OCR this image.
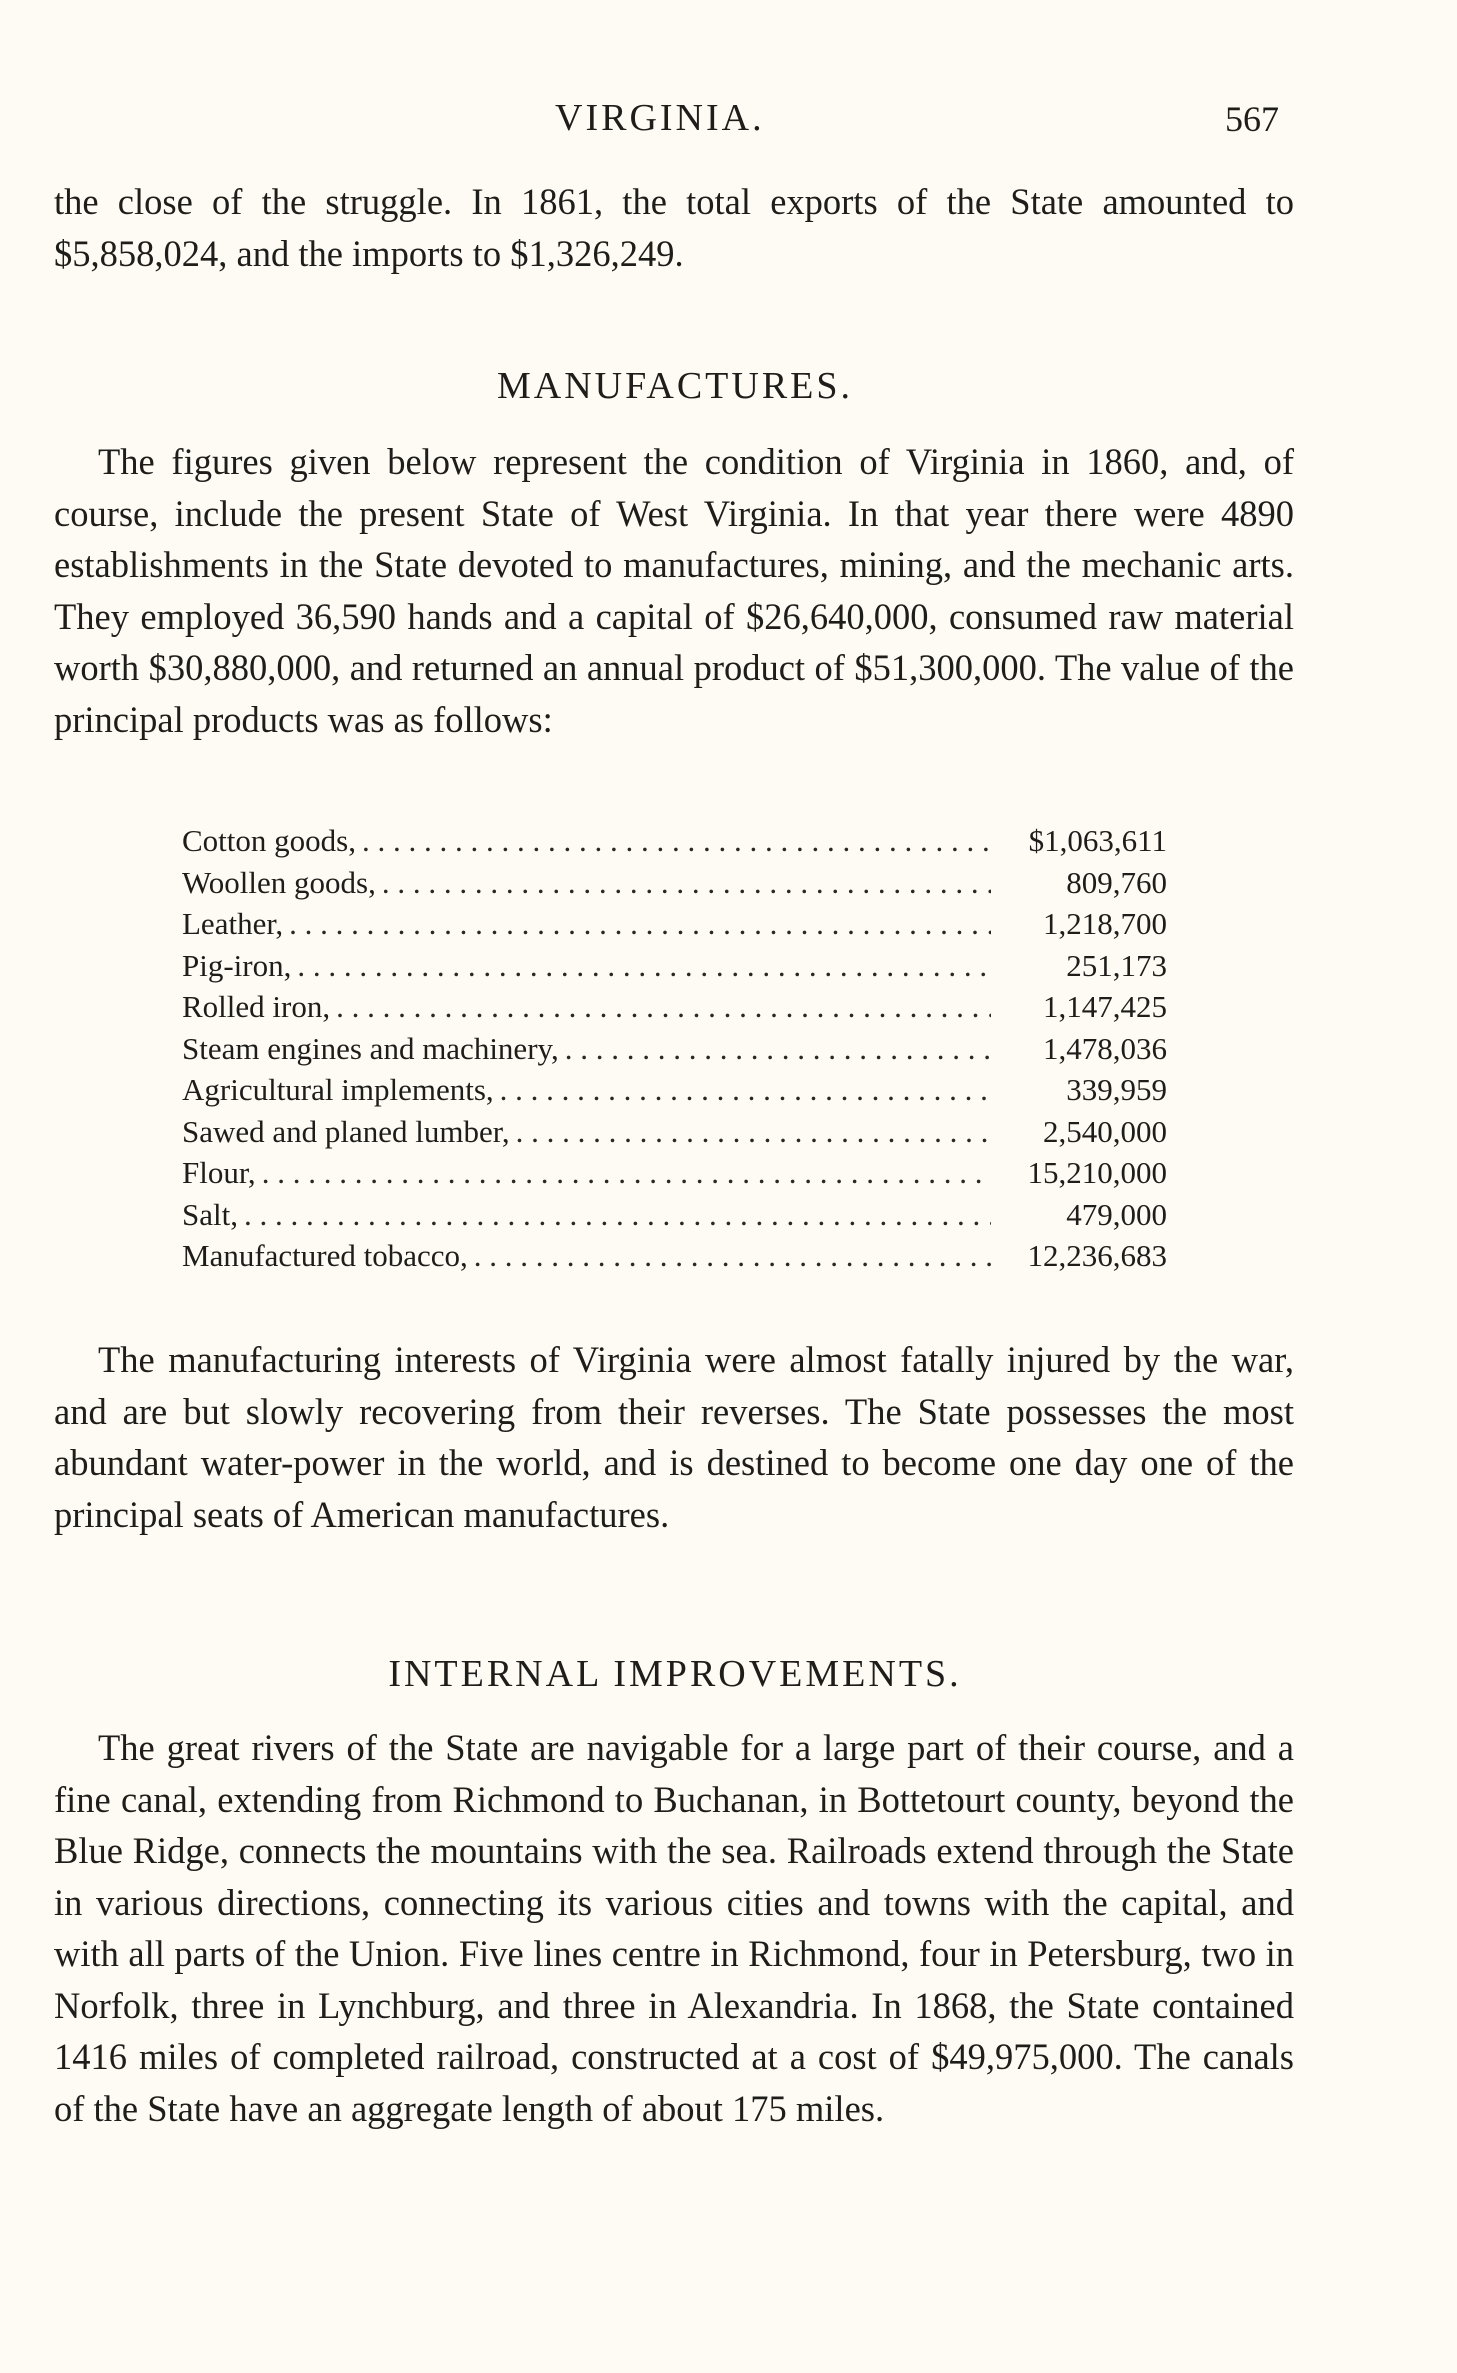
VIRGINIA.	567
the close of the struggle. In 1861, the total exports of the State amounted to $5,858,024, and the imports to $1,326,249.
MANUFACTURES.

The figures given below represent the condition of Virginia in 1860, and, of course, include the present State of West Virginia. In that year there were 4890 establishments in the State devoted to manufactures, mining, and the mechanic arts. They employed 36,590 hands and a capital of $26,640,000, consumed raw material worth $30,880,000, and returned an annual product of $51,300,000. The value of the principal products was as follows:

Cotton goods, . . .	$1,063,611
Woollen goods, . . .	809,760
Leather, . . .	1,218,700
Pig-iron, . . .	251,173
Rolled iron, . . .	1,147,425
Steam engines and machinery, . . .	1,478,036
Agricultural implements, . . .	339,959
Sawed and planed lumber, . . .	2,540,000
Flour, . . .	15,210,000
Salt, . . .	479,000
Manufactured tobacco, . . .	12,236,683

The manufacturing interests of Virginia were almost fatally injured by the war, and are but slowly recovering from their reverses. The State possesses the most abundant water-power in the world, and is destined to become one day one of the principal seats of American manufactures.

INTERNAL IMPROVEMENTS.

The great rivers of the State are navigable for a large part of their course, and a fine canal, extending from Richmond to Buchanan, in Bottetourt county, beyond the Blue Ridge, connects the mountains with the sea. Railroads extend through the State in various directions, connecting its various cities and towns with the capital, and with all parts of the Union. Five lines centre in Richmond, four in Petersburg, two in Norfolk, three in Lynchburg, and three in Alexandria. In 1868, the State contained 1416 miles of completed railroad, constructed at a cost of $49,975,000. The canals of the State have an aggregate length of about 175 miles.
